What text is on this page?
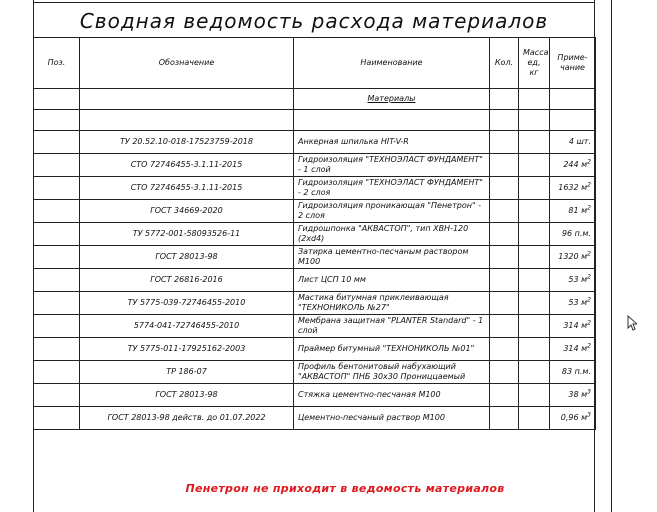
Сводная ведомость расхода материалов
Поз.	Обозначение	Наименование	Кол.	Масса ед, кг	Приме- чание
		Материалы			

	ТУ 20.52.10-018-17523759-2018	Анкерная шпилька HIT-V-R			4 шт.
	СТО 72746455-3.1.11-2015	Гидроизоляция "ТЕХНОЭЛАСТ ФУНДАМЕНТ" - 1 слой			244 $м^2$
	СТО 72746455-3.1.11-2015	Гидроизоляция "ТЕХНОЭЛАСТ ФУНДАМЕНТ" - 2 слоя			1632 $м^2$
	ГОСТ 34669-2020	Гидроизоляция проникающая "Пенетрон" - 2 слоя			81 $м^2$
	ТУ 5772-001-58093526-11	Гидрошпонка "АКВАСТОП", тип ХВН-120 (2хd4)			96 п.м.
	ГОСТ 28013-98	Затирка цементно-песчаным раствором М100			1320 $м^2$
	ГОСТ 26816-2016	Лист ЦСП 10 мм			53 $м^2$
	ТУ 5775-039-72746455-2010	Мастика битумная приклеивающая "ТЕХНОНИКОЛЬ №27"			53 $м^2$
	5774-041-72746455-2010	Мембрана защитная "PLANTER Standard" - 1 слой			314 $м^2$
	ТУ 5775-011-17925162-2003	Праймер битумный "ТЕХНОНИКОЛЬ №01"			314 $м^2$
	ТР 186-07	Профиль бентонитовый набухающий "АКВАСТОП" ПНБ 30х30 Прониццаемый			83 п.м.
	ГОСТ 28013-98	Стяжка цементно-песчаная М100			38 $м^3$
	ГОСТ 28013-98 действ. до 01.07.2022	Цементно-песчаный раствор М100			0,96 $м^3$
Пенетрон не приходит в ведомость материалов
